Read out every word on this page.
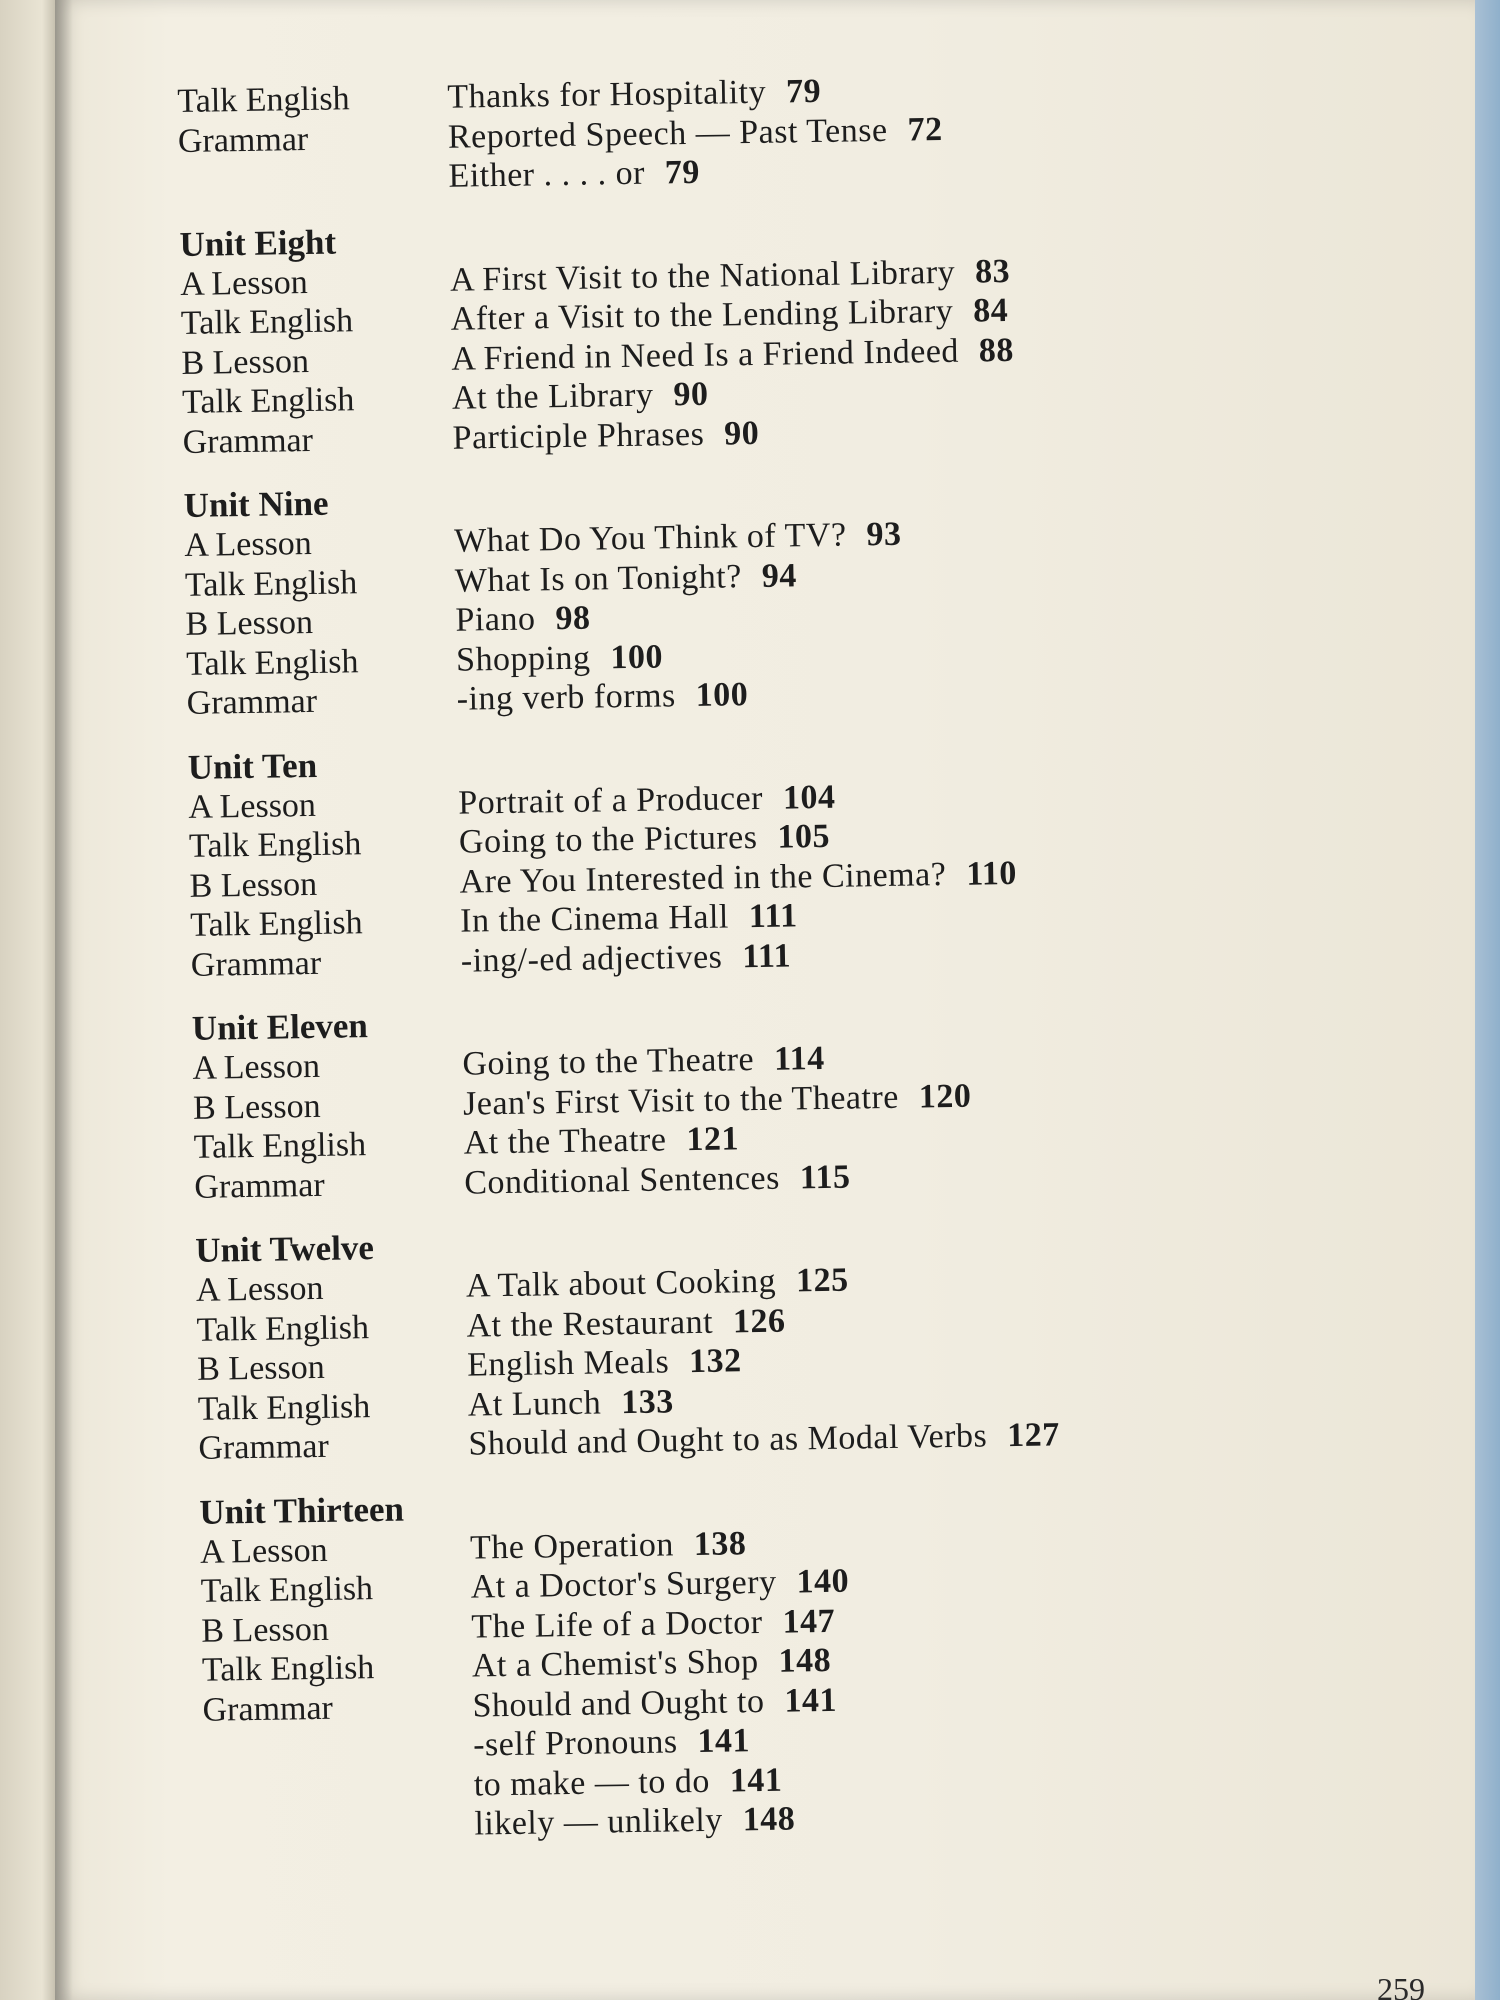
Talk English	Thanks for Hospitality 79
Grammar	Reported Speech — Past Tense 72
Either . . . . or 79
Unit Eight
A Lesson	A First Visit to the National Library 83
Talk English	After a Visit to the Lending Library 84
B Lesson	A Friend in Need Is a Friend Indeed 88
Talk English	At the Library 90
Grammar	Participle Phrases 90
Unit Nine
A Lesson	What Do You Think of TV? 93
Talk English	What Is on Tonight? 94
B Lesson	Piano 98
Talk English	Shopping 100
Grammar	-ing verb forms 100
Unit Ten
A Lesson	Portrait of a Producer 104
Talk English	Going to the Pictures 105
B Lesson	Are You Interested in the Cinema? 110
Talk English	In the Cinema Hall 111
Grammar	-ing/-ed adjectives 111
Unit Eleven
A Lesson	Going to the Theatre 114
B Lesson	Jean's First Visit to the Theatre 120
Talk English	At the Theatre 121
Grammar	Conditional Sentences 115
Unit Twelve
A Lesson	A Talk about Cooking 125
Talk English	At the Restaurant 126
B Lesson	English Meals 132
Talk English	At Lunch 133
Grammar	Should and Ought to as Modal Verbs 127
Unit Thirteen
A Lesson	The Operation 138
Talk English	At a Doctor's Surgery 140
B Lesson	The Life of a Doctor 147
Talk English	At a Chemist's Shop 148
Grammar	Should and Ought to 141
-self Pronouns 141
to make — to do 141
likely — unlikely 148
259
